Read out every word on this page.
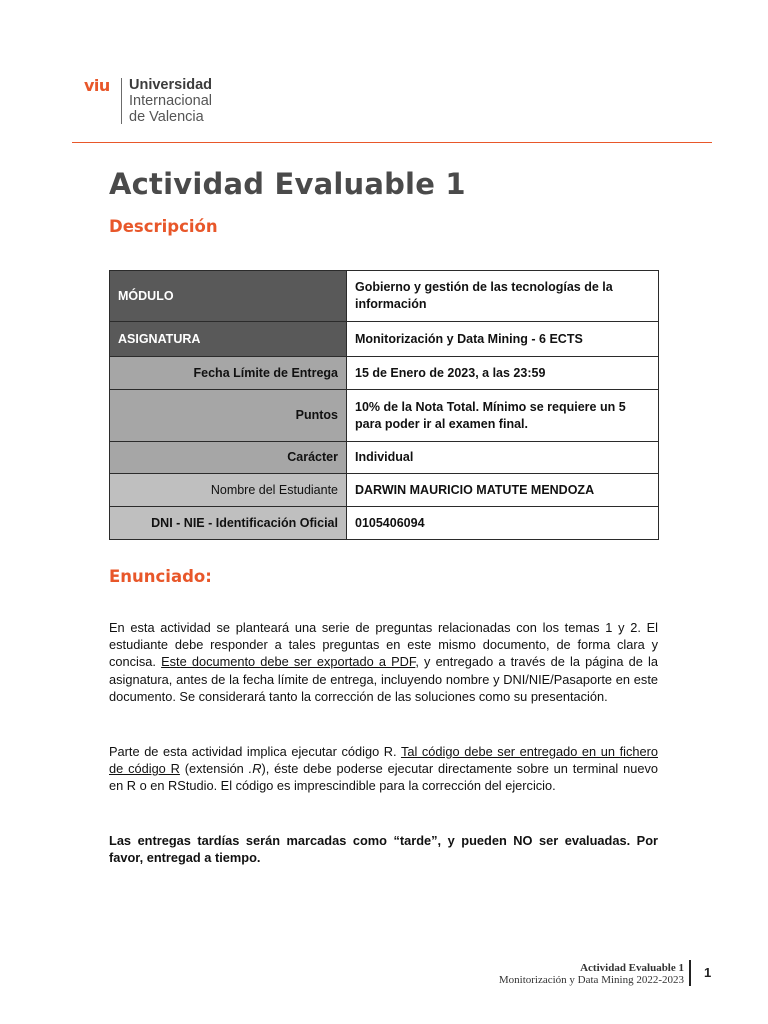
viu Universidad
Internacional
de Valencia
Actividad Evaluable 1
Descripción
MÓDULO	Gobierno y gestión de las tecnologías de la información
ASIGNATURA	Monitorización y Data Mining - 6 ECTS
Fecha Límite de Entrega	15 de Enero de 2023, a las 23:59
Puntos	10% de la Nota Total. Mínimo se requiere un 5 para poder ir al examen final.
Carácter	Individual
Nombre del Estudiante	DARWIN MAURICIO MATUTE MENDOZA
DNI - NIE - Identificación Oficial	0105406094
Enunciado:
En esta actividad se planteará una serie de preguntas relacionadas con los temas 1 y 2. El estudiante debe responder a tales preguntas en este mismo documento, de forma clara y concisa. Este documento debe ser exportado a PDF, y entregado a través de la página de la asignatura, antes de la fecha límite de entrega, incluyendo nombre y DNI/NIE/Pasaporte en este documento. Se considerará tanto la corrección de las soluciones como su presentación.
Parte de esta actividad implica ejecutar código R. Tal código debe ser entregado en un fichero de código R (extensión .R), éste debe poderse ejecutar directamente sobre un terminal nuevo en R o en RStudio. El código es imprescindible para la corrección del ejercicio.
Las entregas tardías serán marcadas como “tarde”, y pueden NO ser evaluadas. Por favor, entregad a tiempo.
Actividad Evaluable 1
Monitorización y Data Mining 2022-2023 1
